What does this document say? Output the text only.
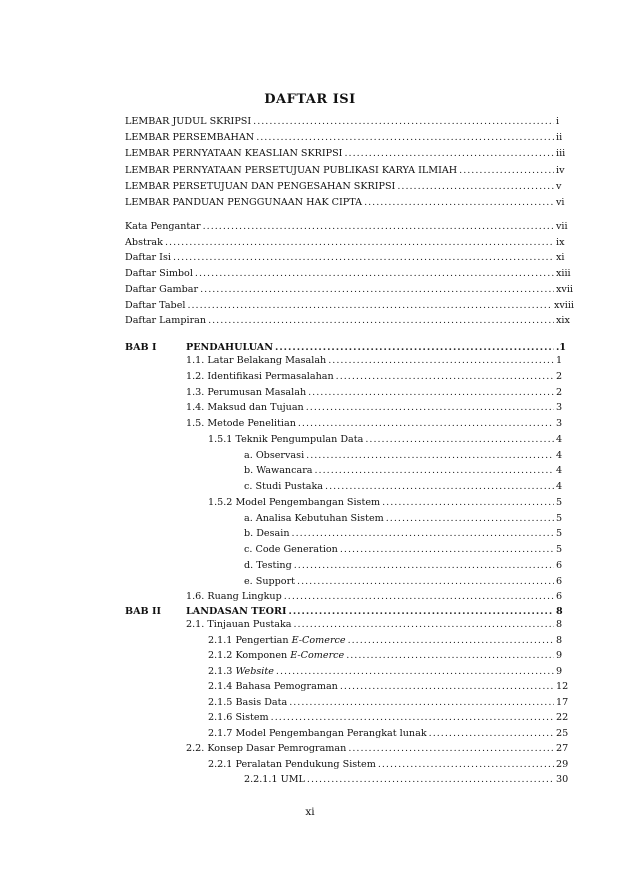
DAFTAR ISI
LEMBAR JUDUL SKRIPSI .....	i
LEMBAR PERSEMBAHAN .....	ii
LEMBAR PERNYATAAN KEASLIAN SKRIPSI .....	iii
LEMBAR PERNYATAAN PERSETUJUAN PUBLIKASI KARYA ILMIAH .....	iv
LEMBAR PERSETUJUAN DAN PENGESAHAN SKRIPSI .....	v
LEMBAR PANDUAN PENGGUNAAN HAK CIPTA .....	vi
Kata Pengantar .....	vii
Abstrak .....	ix
Daftar Isi .....	xi
Daftar Simbol .....	xiii
Daftar Gambar .....	xvii
Daftar Tabel .....	xviii
Daftar Lampiran .....	xix
BAB I	PENDAHULUAN .....	.1
1.1. Latar Belakang Masalah .....	1
1.2. Identifikasi Permasalahan .....	2
1.3. Perumusan Masalah .....	2
1.4. Maksud dan Tujuan .....	3
1.5. Metode Penelitian .....	3
1.5.1 Teknik Pengumpulan Data .....	4
a. Observasi .....	4
b. Wawancara .....	4
c. Studi Pustaka .....	4
1.5.2 Model Pengembangan Sistem .....	5
a. Analisa Kebutuhan Sistem .....	5
b. Desain .....	5
c. Code Generation .....	5
d. Testing .....	6
e. Support .....	6
1.6. Ruang Lingkup .....	6
BAB II	LANDASAN TEORI .....	8
2.1. Tinjauan Pustaka .....	8
2.1.1 Pengertian E-Comerce .....	8
2.1.2 Komponen E-Comerce .....	9
2.1.3 Website .....	9
2.1.4 Bahasa Pemograman .....	12
2.1.5 Basis Data .....	17
2.1.6 Sistem .....	22
2.1.7 Model Pengembangan Perangkat lunak .....	25
2.2. Konsep Dasar Pemrograman .....	27
2.2.1 Peralatan Pendukung Sistem .....	29
2.2.1.1 UML .....	30
xi
